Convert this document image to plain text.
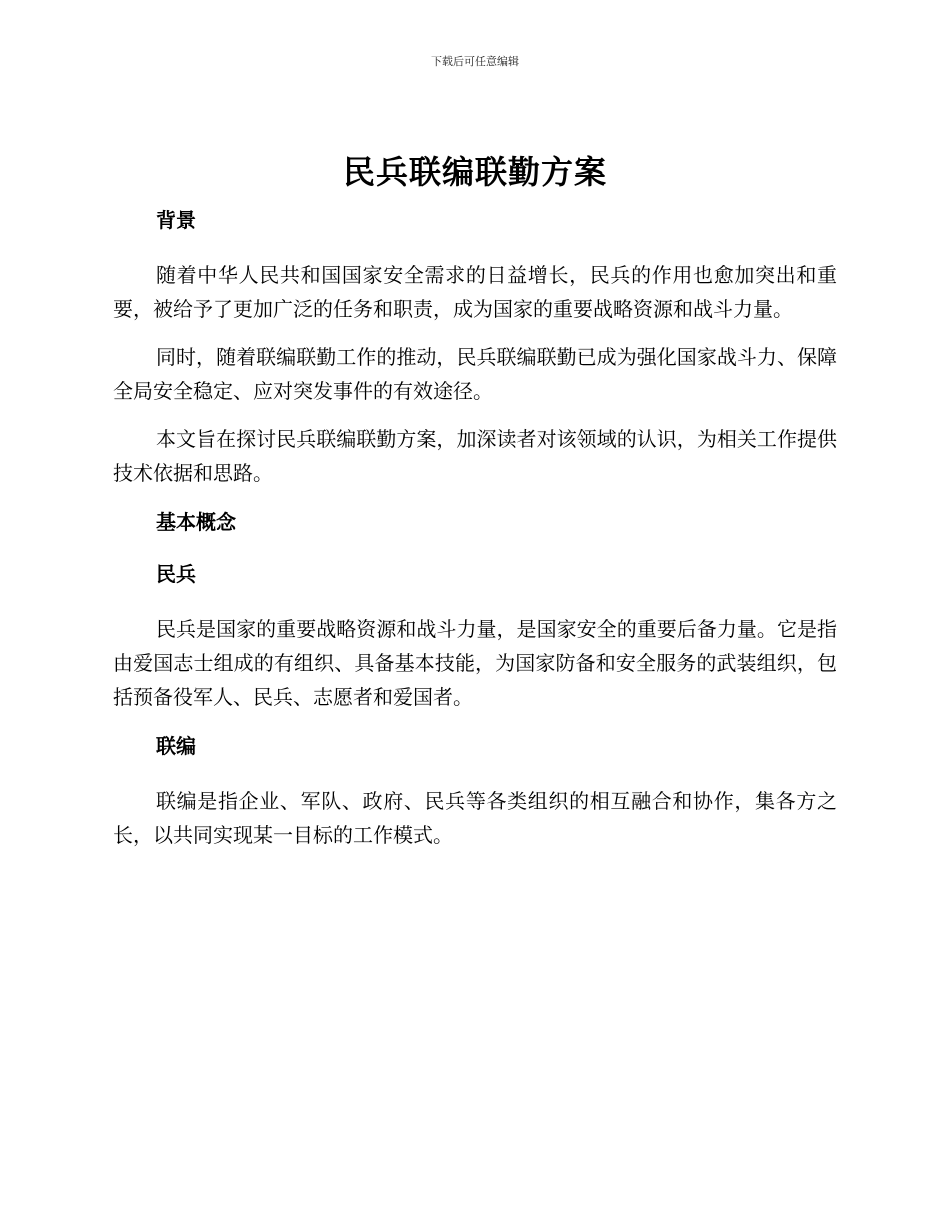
下载后可任意编辑
民兵联编联勤方案
背景

随着中华人民共和国国家安全需求的日益增长，民兵的作用也愈加突出和重要，被给予了更加广泛的任务和职责，成为国家的重要战略资源和战斗力量。

同时，随着联编联勤工作的推动，民兵联编联勤已成为强化国家战斗力、保障全局安全稳定、应对突发事件的有效途径。

本文旨在探讨民兵联编联勤方案，加深读者对该领域的认识，为相关工作提供技术依据和思路。

基本概念
民兵

民兵是国家的重要战略资源和战斗力量，是国家安全的重要后备力量。它是指由爱国志士组成的有组织、具备基本技能，为国家防备和安全服务的武装组织，包括预备役军人、民兵、志愿者和爱国者。

联编

联编是指企业、军队、政府、民兵等各类组织的相互融合和协作，集各方之长，以共同实现某一目标的工作模式。
